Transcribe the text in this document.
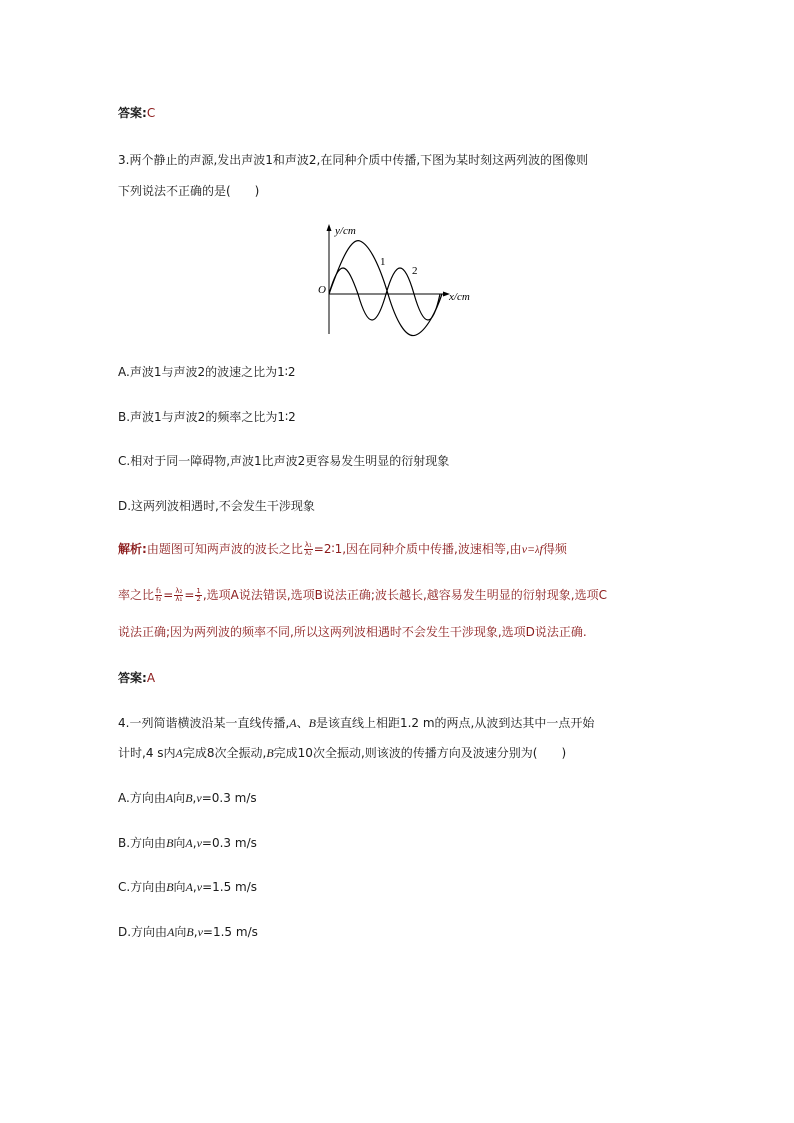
答案:C
3.两个静止的声源,发出声波1和声波2,在同种介质中传播,下图为某时刻这两列波的图像则
下列说法不正确的是(　　)
y/cm
x/cm
O
1
2
A.声波1与声波2的波速之比为1∶2
B.声波1与声波2的频率之比为1∶2
C.相对于同一障碍物,声波1比声波2更容易发生明显的衍射现象
D.这两列波相遇时,不会发生干涉现象
解析:由题图可知两声波的波长之比 $\frac{\text{λ₁}}{\text{λ₂}}$ =2∶1,因在同种介质中传播,波速相等,由v=λf得频
率之比 $\frac{\text{f₁}}{\text{f₂}} = \frac{\text{λ₂}}{\text{λ₁}} = \frac{1}{2}$ ,选项A说法错误,选项B说法正确;波长越长,越容易发生明显的衍射现象,选项C
说法正确;因为两列波的频率不同,所以这两列波相遇时不会发生干涉现象,选项D说法正确.
答案:A
4.一列简谐横波沿某一直线传播,A、B是该直线上相距1.2 m的两点,从波到达其中一点开始
计时,4 s内A完成8次全振动,B完成10次全振动,则该波的传播方向及波速分别为(　　)
A.方向由A向B,v=0.3 m/s
B.方向由B向A,v=0.3 m/s
C.方向由B向A,v=1.5 m/s
D.方向由A向B,v=1.5 m/s
